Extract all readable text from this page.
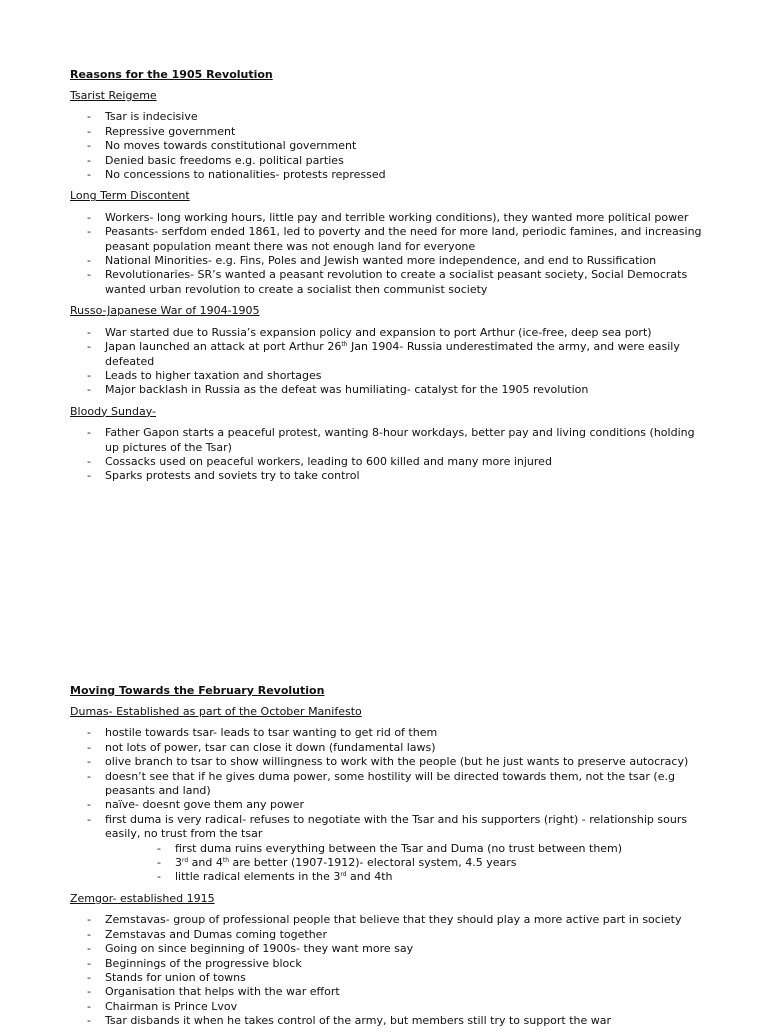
Reasons for the 1905 Revolution
Tsarist Reigeme
- Tsar is indecisive
- Repressive government
- No moves towards constitutional government
- Denied basic freedoms e.g. political parties
- No concessions to nationalities- protests repressed
Long Term Discontent
- Workers- long working hours, little pay and terrible working conditions), they wanted more political power
- Peasants- serfdom ended 1861, led to poverty and the need for more land, periodic famines, and increasing peasant population meant there was not enough land for everyone
- National Minorities- e.g. Fins, Poles and Jewish wanted more independence, and end to Russification
- Revolutionaries- SR’s wanted a peasant revolution to create a socialist peasant society, Social Democrats wanted urban revolution to create a socialist then communist society
Russo-Japanese War of 1904-1905
- War started due to Russia’s expansion policy and expansion to port Arthur (ice-free, deep sea port)
- Japan launched an attack at port Arthur 26th Jan 1904- Russia underestimated the army, and were easily defeated
- Leads to higher taxation and shortages
- Major backlash in Russia as the defeat was humiliating- catalyst for the 1905 revolution
Bloody Sunday-
- Father Gapon starts a peaceful protest, wanting 8-hour workdays, better pay and living conditions (holding up pictures of the Tsar)
- Cossacks used on peaceful workers, leading to 600 killed and many more injured
- Sparks protests and soviets try to take control
Moving Towards the February Revolution
Dumas- Established as part of the October Manifesto
- hostile towards tsar- leads to tsar wanting to get rid of them
- not lots of power, tsar can close it down (fundamental laws)
- olive branch to tsar to show willingness to work with the people (but he just wants to preserve autocracy)
- doesn’t see that if he gives duma power, some hostility will be directed towards them, not the tsar (e.g peasants and land)
- naïve- doesnt gove them any power
- first duma is very radical- refuses to negotiate with the Tsar and his supporters (right) - relationship sours easily, no trust from the tsar
- first duma ruins everything between the Tsar and Duma (no trust between them)
- 3rd and 4th are better (1907-1912)- electoral system, 4.5 years
- little radical elements in the 3rd and 4th
Zemgor- established 1915
- Zemstavas- group of professional people that believe that they should play a more active part in society
- Zemstavas and Dumas coming together
- Going on since beginning of 1900s- they want more say
- Beginnings of the progressive block
- Stands for union of towns
- Organisation that helps with the war effort
- Chairman is Prince Lvov
- Tsar disbands it when he takes control of the army, but members still try to support the war
